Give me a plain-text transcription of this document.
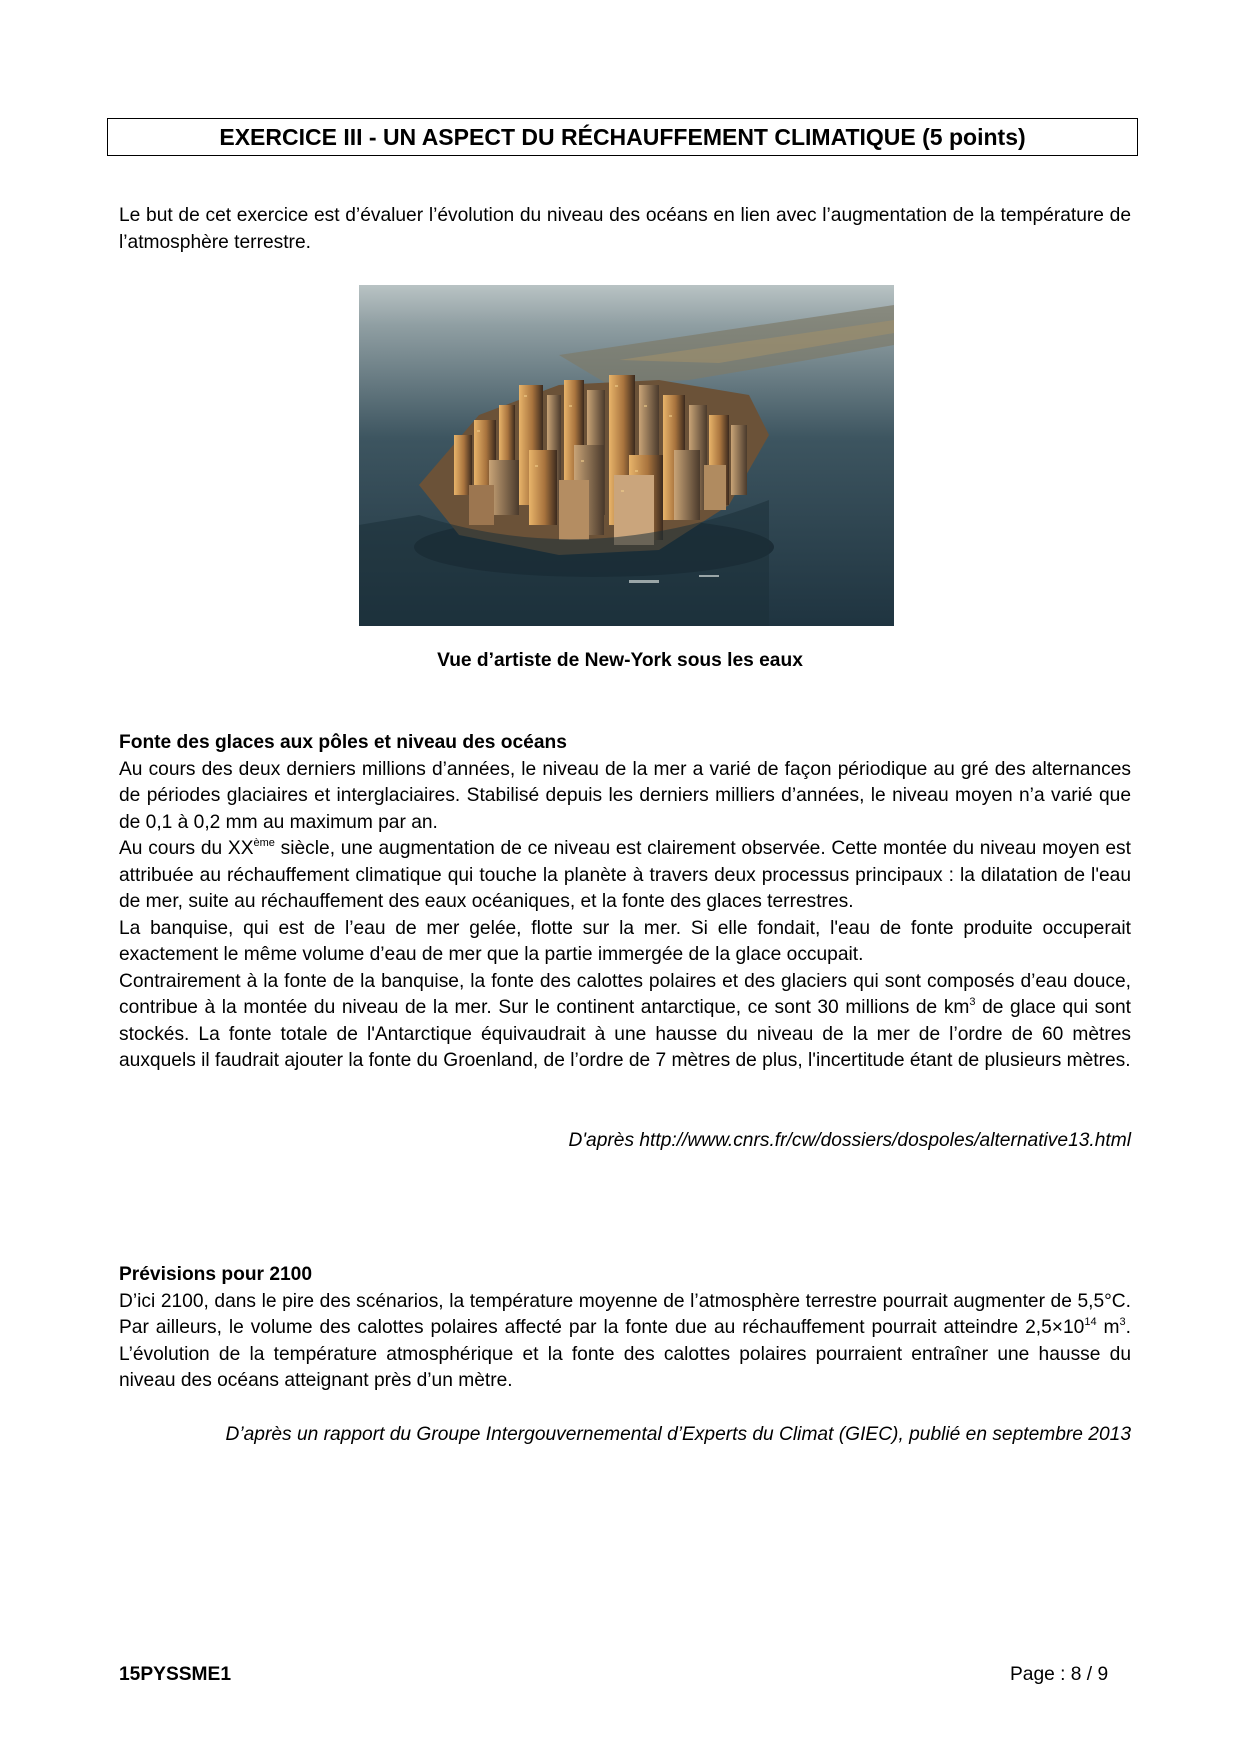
EXERCICE III - UN ASPECT DU RÉCHAUFFEMENT CLIMATIQUE (5 points)

Le but de cet exercice est d’évaluer l’évolution du niveau des océans en lien avec l’augmentation de la température de l’atmosphère terrestre.

Vue d’artiste de New-York sous les eaux
Fonte des glaces aux pôles et niveau des océans
Au cours des deux derniers millions d’années, le niveau de la mer a varié de façon périodique au gré des alternances de périodes glaciaires et interglaciaires. Stabilisé depuis les derniers milliers d’années, le niveau moyen n’a varié que de 0,1 à 0,2 mm au maximum par an.
Au cours du XXème siècle, une augmentation de ce niveau est clairement observée. Cette montée du niveau moyen est attribuée au réchauffement climatique qui touche la planète à travers deux processus principaux : la dilatation de l'eau de mer, suite au réchauffement des eaux océaniques, et la fonte des glaces terrestres.
La banquise, qui est de l’eau de mer gelée, flotte sur la mer. Si elle fondait, l'eau de fonte produite occuperait exactement le même volume d’eau de mer que la partie immergée de la glace occupait.
Contrairement à la fonte de la banquise, la fonte des calottes polaires et des glaciers qui sont composés d’eau douce, contribue à la montée du niveau de la mer. Sur le continent antarctique, ce sont 30 millions de $km^3$ de glace qui sont stockés. La fonte totale de l'Antarctique équivaudrait à une hausse du niveau de la mer de l’ordre de 60 mètres auxquels il faudrait ajouter la fonte du Groenland, de l’ordre de 7 mètres de plus, l'incertitude étant de plusieurs mètres.
D'après http://www.cnrs.fr/cw/dossiers/dospoles/alternative13.html
Prévisions pour 2100
D’ici 2100, dans le pire des scénarios, la température moyenne de l’atmosphère terrestre pourrait augmenter de 5,5°C. Par ailleurs, le volume des calottes polaires affecté par la fonte due au réchauffement pourrait atteindre $2,5\times 10^{14}$ $m^3$. L’évolution de la température atmosphérique et la fonte des calottes polaires pourraient entraîner une hausse du niveau des océans atteignant près d’un mètre.
D’après un rapport du Groupe Intergouvernemental d’Experts du Climat (GIEC), publié en septembre 2013
15PYSSME1	Page : 8 / 9
